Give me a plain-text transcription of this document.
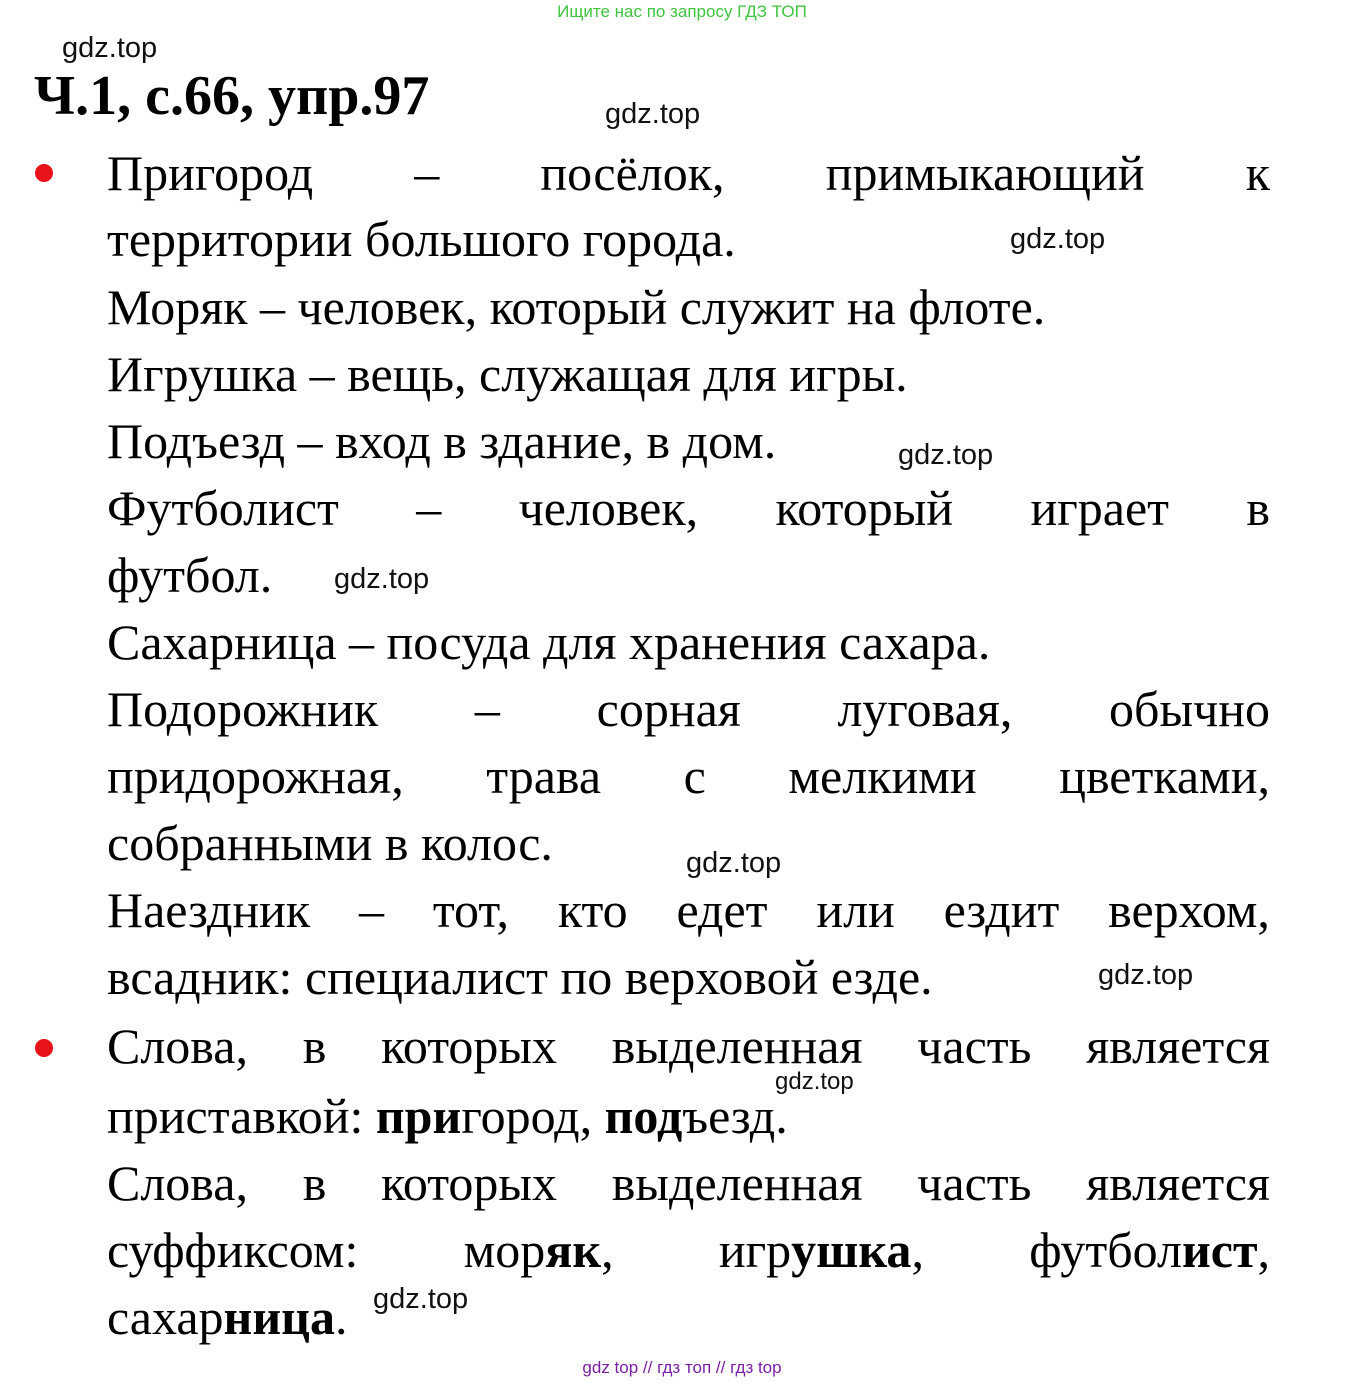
Ищите нас по запросу ГДЗ ТОП
gdz.top
Ч.1, с.66, упр.97	gdz.top
Пригород – посёлок, примыкающий к
территории большого города.	gdz.top
Моряк – человек, который служит на флоте.
Игрушка – вещь, служащая для игры.
Подъезд – вход в здание, в дом.	gdz.top
Футболист – человек, который играет в
футбол. gdz.top
Сахарница – посуда для хранения сахара.
Подорожник – сорная луговая, обычно
придорожная, трава с мелкими цветками,
собранными в колос.	gdz.top
Наездник – тот, кто едет или ездит верхом,
всадник: специалист по верховой езде.	gdz.top
Слова, в которых выделенная часть является
gdz.top
приставкой: пригород, подъезд.
Слова, в которых выделенная часть является
суффиксом: моряк, игрушка, футболист,
сахарница. gdz.top
gdz top // гдз топ // гдз top
